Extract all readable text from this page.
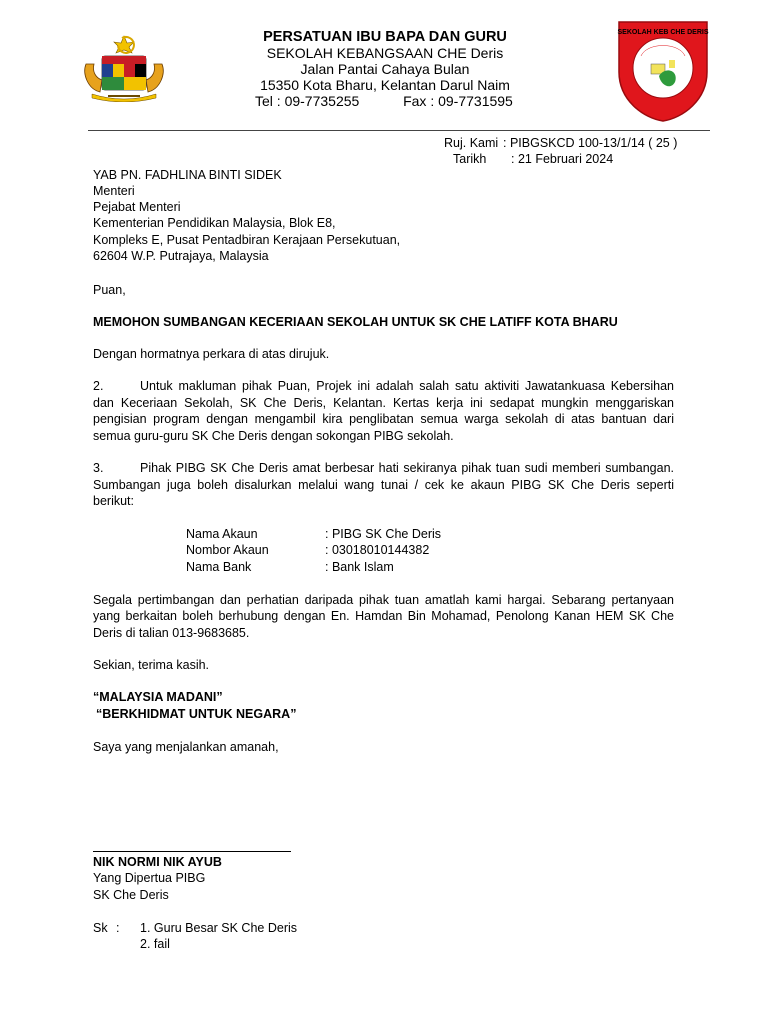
SEKOLAH KEB CHE DERIS
PERSATUAN IBU BAPA DAN GURU
SEKOLAH KEBANGSAAN CHE Deris
Jalan Pantai Cahaya Bulan
15350 Kota Bharu, Kelantan Darul Naim
Tel : 09-7735255	Fax : 09-7731595
Ruj. Kami : PIBGSKCD 100-13/1/14 ( 25 )
Tarikh : 21 Februari 2024
YAB PN. FADHLINA BINTI SIDEK
Menteri
Pejabat Menteri
Kementerian Pendidikan Malaysia, Blok E8,
Kompleks E, Pusat Pentadbiran Kerajaan Persekutuan,
62604 W.P. Putrajaya, Malaysia
Puan,
MEMOHON SUMBANGAN KECERIAAN SEKOLAH UNTUK SK CHE LATIFF KOTA BHARU
Dengan hormatnya perkara di atas dirujuk.
2.	Untuk makluman pihak Puan, Projek ini adalah salah satu aktiviti Jawatankuasa Kebersihan
dan Keceriaan Sekolah, SK Che Deris, Kelantan. Kertas kerja ini sedapat mungkin menggariskan
pengisian program dengan mengambil kira penglibatan semua warga sekolah di atas bantuan dari
semua guru-guru SK Che Deris dengan sokongan PIBG sekolah.
3.	Pihak PIBG SK Che Deris amat berbesar hati sekiranya pihak tuan sudi memberi sumbangan.
Sumbangan juga boleh disalurkan melalui wang tunai / cek ke akaun PIBG SK Che Deris seperti
berikut:
Nama Akaun	: PIBG SK Che Deris
Nombor Akaun	: 03018010144382
Nama Bank	: Bank Islam
Segala pertimbangan dan perhatian daripada pihak tuan amatlah kami hargai. Sebarang pertanyaan
yang berkaitan boleh berhubung dengan En. Hamdan Bin Mohamad, Penolong Kanan HEM SK Che
Deris di talian 013-9683685.
Sekian, terima kasih.
“MALAYSIA MADANI”
“BERKHIDMAT UNTUK NEGARA”
Saya yang menjalankan amanah,
NIK NORMI NIK AYUB
Yang Dipertua PIBG
SK Che Deris
Sk : 1. Guru Besar SK Che Deris
2. fail
